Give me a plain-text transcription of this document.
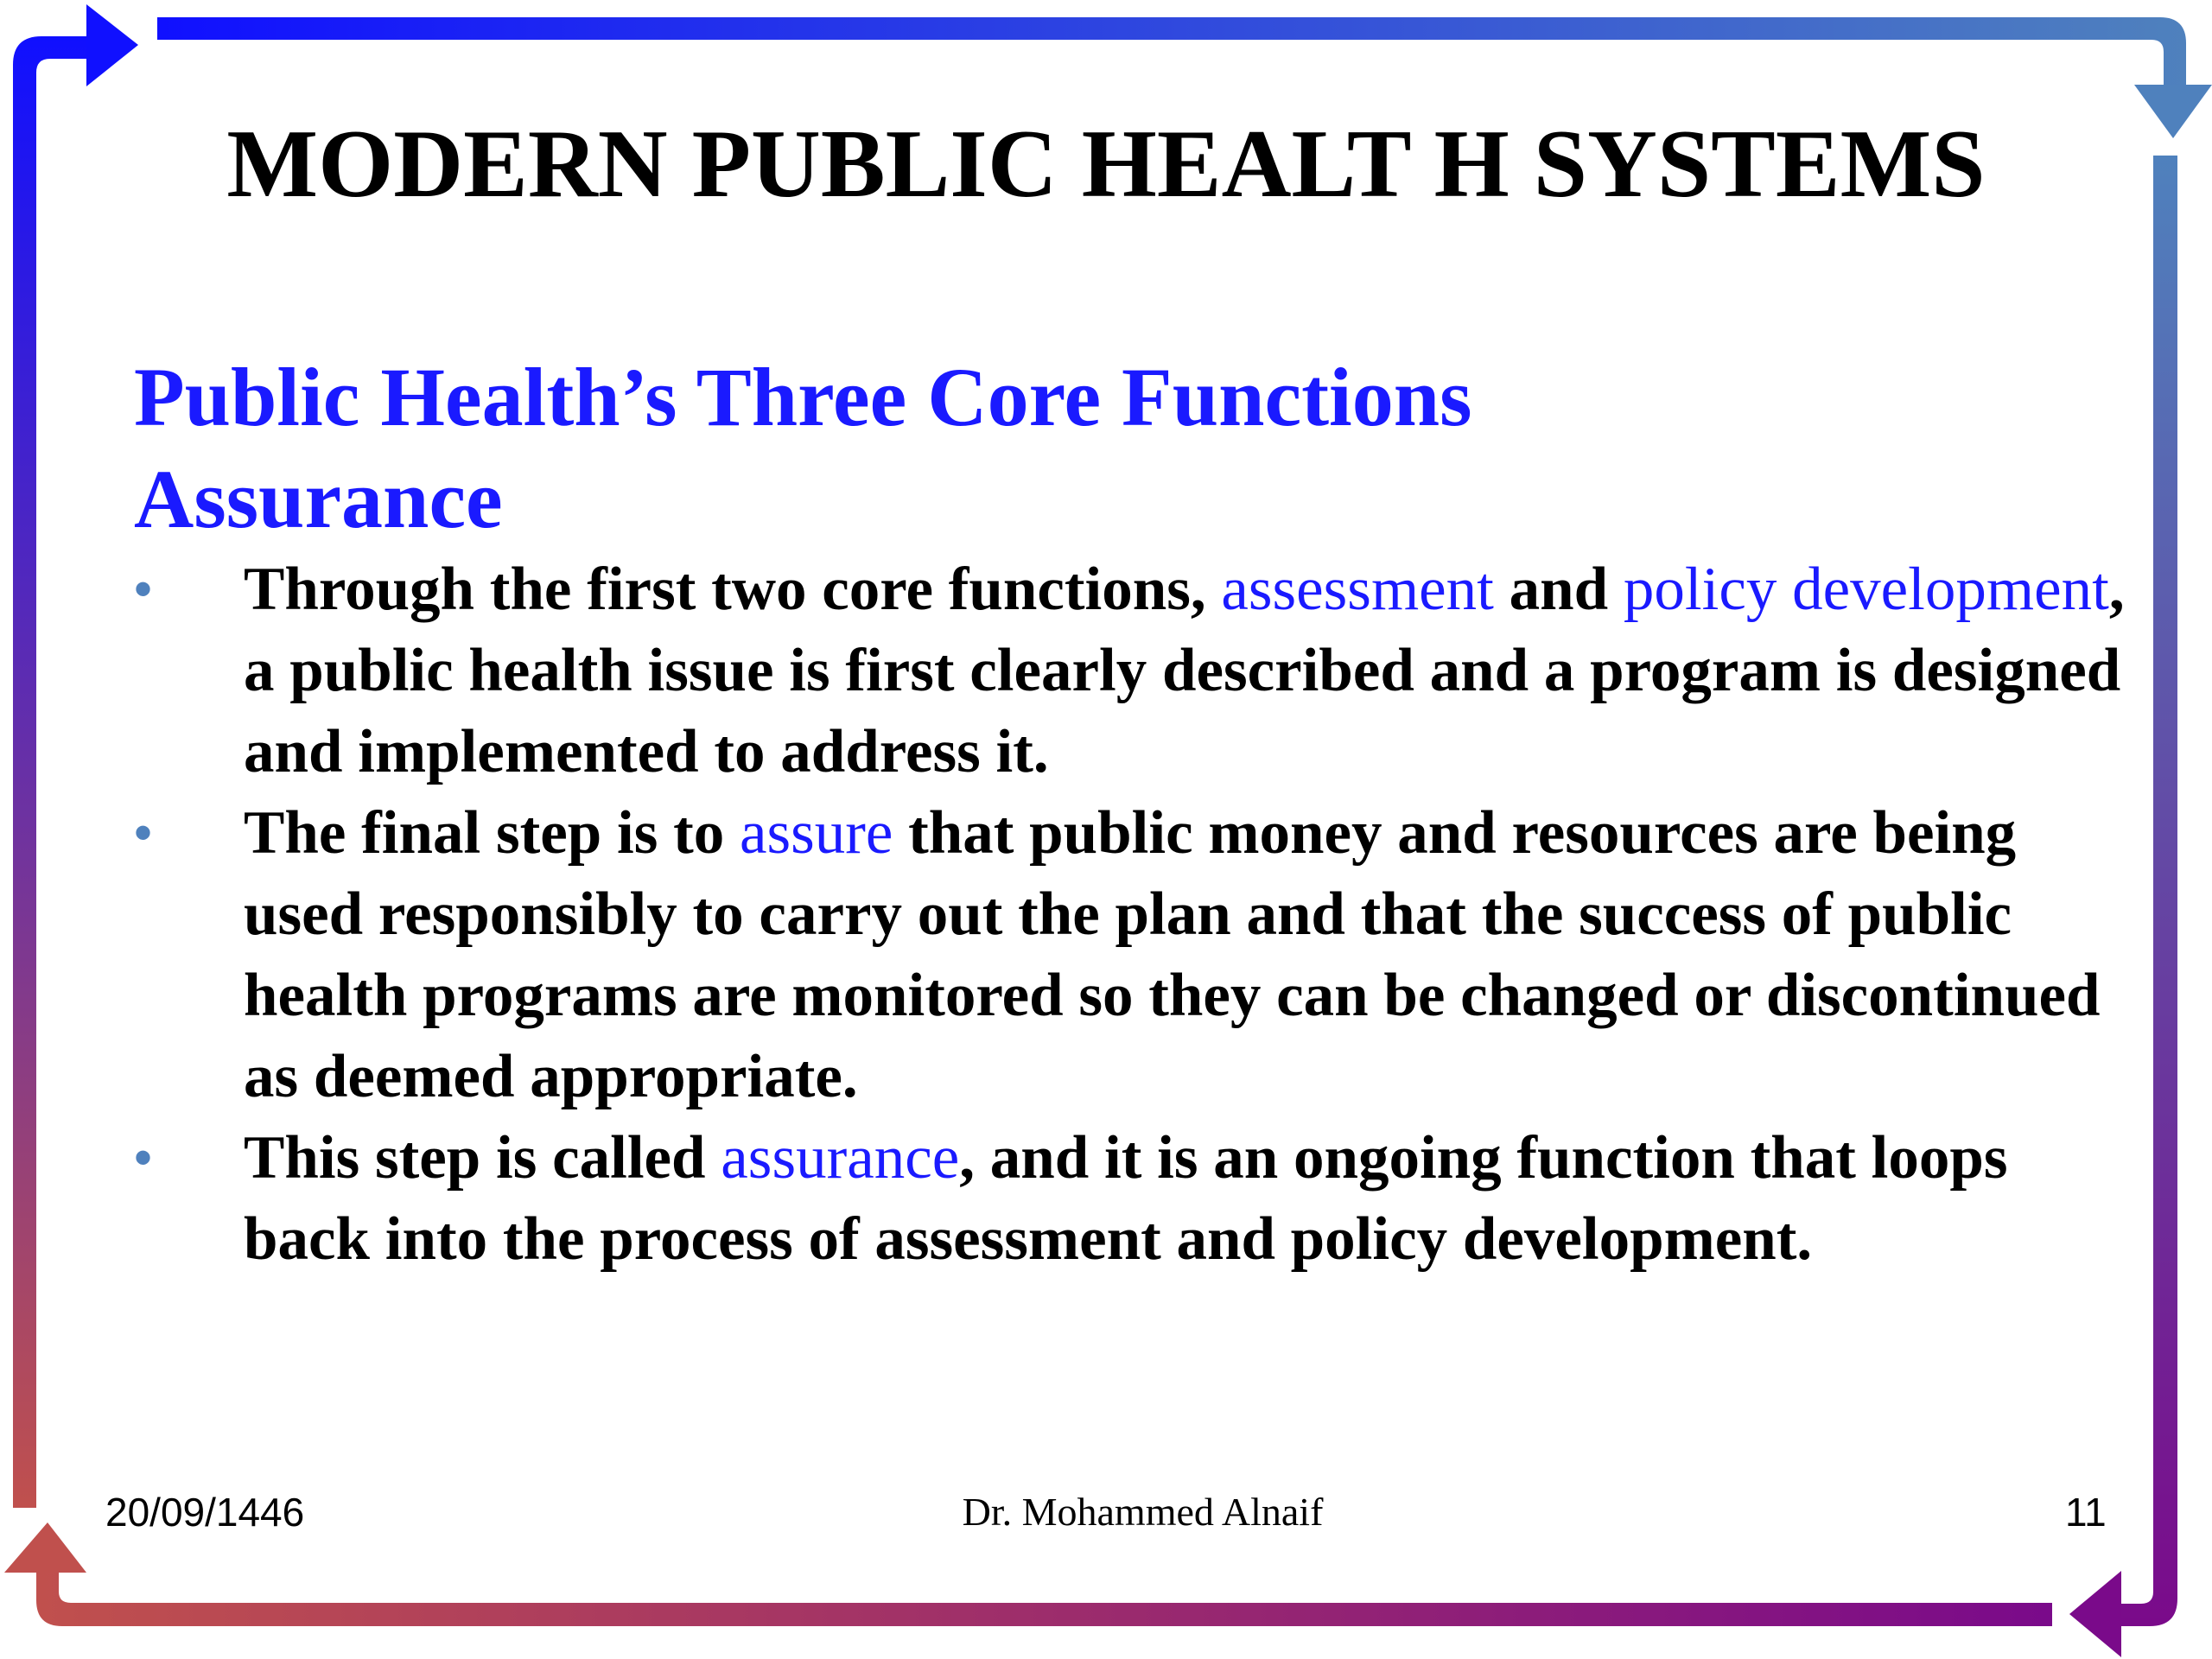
MODERN PUBLIC HEALT H SYSTEMS
Public Health’s Three Core Functions
Assurance
• Through the first two core functions, assessment and policy development, a public health issue is first clearly described and a program is designed and implemented to address it.
• The final step is to assure that public money and resources are being used responsibly to carry out the plan and that the success of public health programs are monitored so they can be changed or discontinued as deemed appropriate.
• This step is called assurance, and it is an ongoing function that loops back into the process of assessment and policy development.
20/09/1446	Dr. Mohammed Alnaif	11
